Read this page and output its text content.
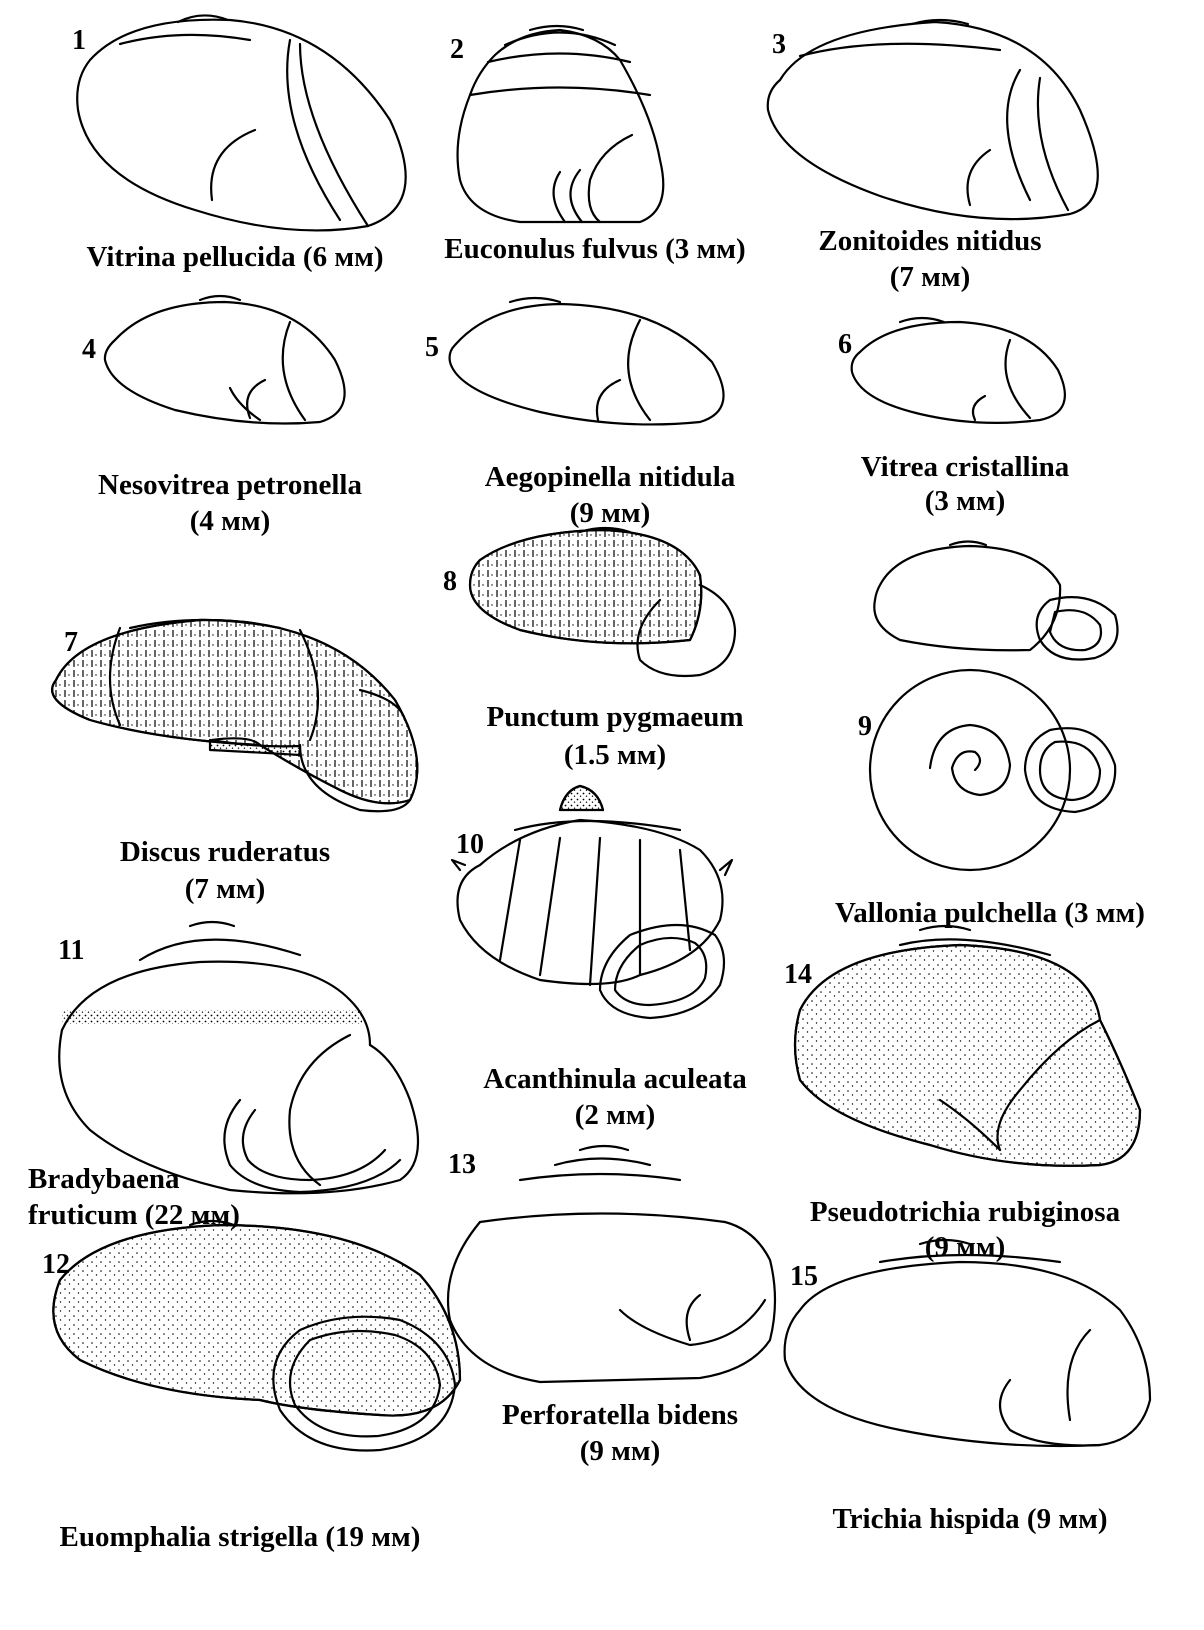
1	2	3
4	5	6
7
8
9
10
11
12
13
14
15
Vitrina pellucida (6 мм)	Euconulus fulvus (3 мм)	Zonitoides nitidus
(7 мм)
Nesovitrea petronella
(4 мм)
Aegopinella nitidula
(9 мм)
Vitrea cristallina
(3 мм)
Discus ruderatus
(7 мм)
Punctum pygmaeum
(1.5 мм)
Vallonia pulchella (3 мм)
Acanthinula aculeata
(2 мм)
Bradybaena
fruticum (22 мм)
Euomphalia strigella (19 мм)
Perforatella bidens
(9 мм)
Pseudotrichia rubiginosa
(9 мм)
Trichia hispida (9 мм)
